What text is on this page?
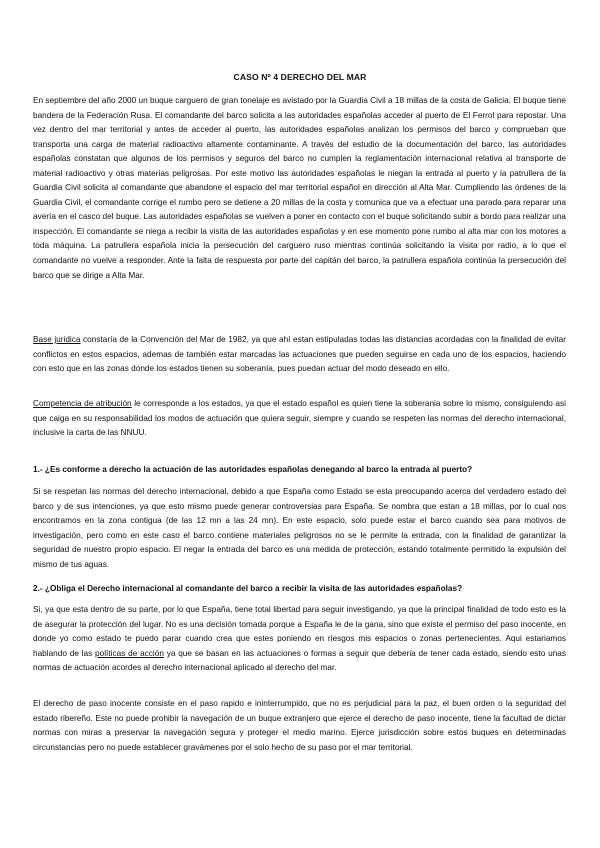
CASO Nº 4 DERECHO DEL MAR

En septiembre del año 2000 un buque carguero de gran tonelaje es avistado por la Guardia Civil a 18 millas de la costa de Galicia. El buque tiene bandera de la Federación Rusa. El comandante del barco solicita a las autoridades españolas acceder al puerto de El Ferrol para repostar. Una vez dentro del mar territorial y antes de acceder al puerto, las autoridades españolas analizan los permisos del barco y comprueban que transporta una carga de material radioactivo altamente contaminante. A través del estudio de la documentación del barco, las autoridades españolas constatan que algunos de los permisos y seguros del barco no cumplen la reglamentación internacional relativa al transporte de material radioactivo y otras materias peligrosas. Por este motivo las autoridades españolas le niegan la entrada al puerto y la patrullera de la Guardia Civil solicita al comandante que abandone el espacio del mar territorial español en dirección al Alta Mar. Cumpliendo las órdenes de la Guardia Civil, el comandante corrige el rumbo pero se detiene a 20 millas de la costa y comunica que va a efectuar una parada para reparar una avería en el casco del buque. Las autoridades españolas se vuelven a poner en contacto con el buque solicitando subir a bordo para realizar una inspección. El comandante se niega a recibir la visita de las autoridades españolas y en ese momento pone rumbo al alta mar con los motores a toda máquina. La patrullera española inicia la persecución del carguero ruso mientras continúa solicitando la visita por radio, a lo que el comandante no vuelve a responder. Ante la falta de respuesta por parte del capitán del barco, la patrullera española continúa la persecución del barco que se dirige a Alta Mar.

Base juridica constaría de la Convención del Mar de 1982, ya que ahí estan estipuladas todas las distancias acordadas con la finalidad de evitar conflictos en estos espacios, ademas de también estar marcadas las actuaciones que pueden seguirse en cada uno de los espacios, haciendo con esto que en las zonas donde los estados tienen su soberanía, pues puedan actuar del modo deseado en ello.

Competencia de atribución le corresponde a los estados, ya que el estado español es quien tiene la soberania sobre lo mismo, consiguiendo asi que caiga en su responsabilidad los modos de actuación que quiera seguir, siempre y cuando se respeten las normas del derecho internacional, inclusive la carta de las NNUU.

1.- ¿Es conforme a derecho la actuación de las autoridades españolas denegando al barco la entrada al puerto?

Si se respetan las normas del derecho internacional, debido a que España como Estado se esta preocupando acerca del verdadero estado del barco y de sus intenciones, ya que esto mismo puede generar controversias para España. Se nombra que estan a 18 millas, por lo cual nos encontramos en la zona contigua (de las 12 mn a las 24 mn). En este espacio, solo puede estar el barco cuando sea para motivos de investigación, pero como en este caso el barco contiene materiales peligrosos no se le permite la entrada, con la finalidad de garantizar la seguridad de nuestro propio espacio. El negar la entrada del barco es una medida de protección, estando totalmente permitido la expulsión del mismo de tus aguas.

2.- ¿Obliga el Derecho internacional al comandante del barco a recibir la visita de las autoridades españolas?

Si, ya que esta dentro de su parte, por lo que España, tiene total libertad para seguir investigando, ya que la principal finalidad de todo esto es la de asegurar la protección del lugar. No es una decisión tomada porque a España le de la gana, sino que existe el permiso del paso inocente, en donde yo como estado te puedo parar cuando crea que estes poniendo en riesgos mis espacios o zonas pertenecientes. Aqui estariamos hablando de las políticas de acción ya que se basan en las actuaciones o formas a seguir que deberia de tener cada estado, siendo esto unas normas de actuación acordes al derecho internacional aplicado al derecho del mar.

El derecho de paso inocente consiste en el paso rapido e ininterrumpido, que no es perjudicial para la paz, el buen orden o la seguridad del estado ribereño. Este no puede prohibir la navegación de un buque extranjero que ejerce el derecho de paso inocente, tiene la facultad de dictar normas con miras a preservar la navegación segura y proteger el medio marino. Ejerce jurisdicción sobre estos buques en determinadas circunstancias pero no puede establecer gravámenes por el solo hecho de su paso por el mar territorial.
